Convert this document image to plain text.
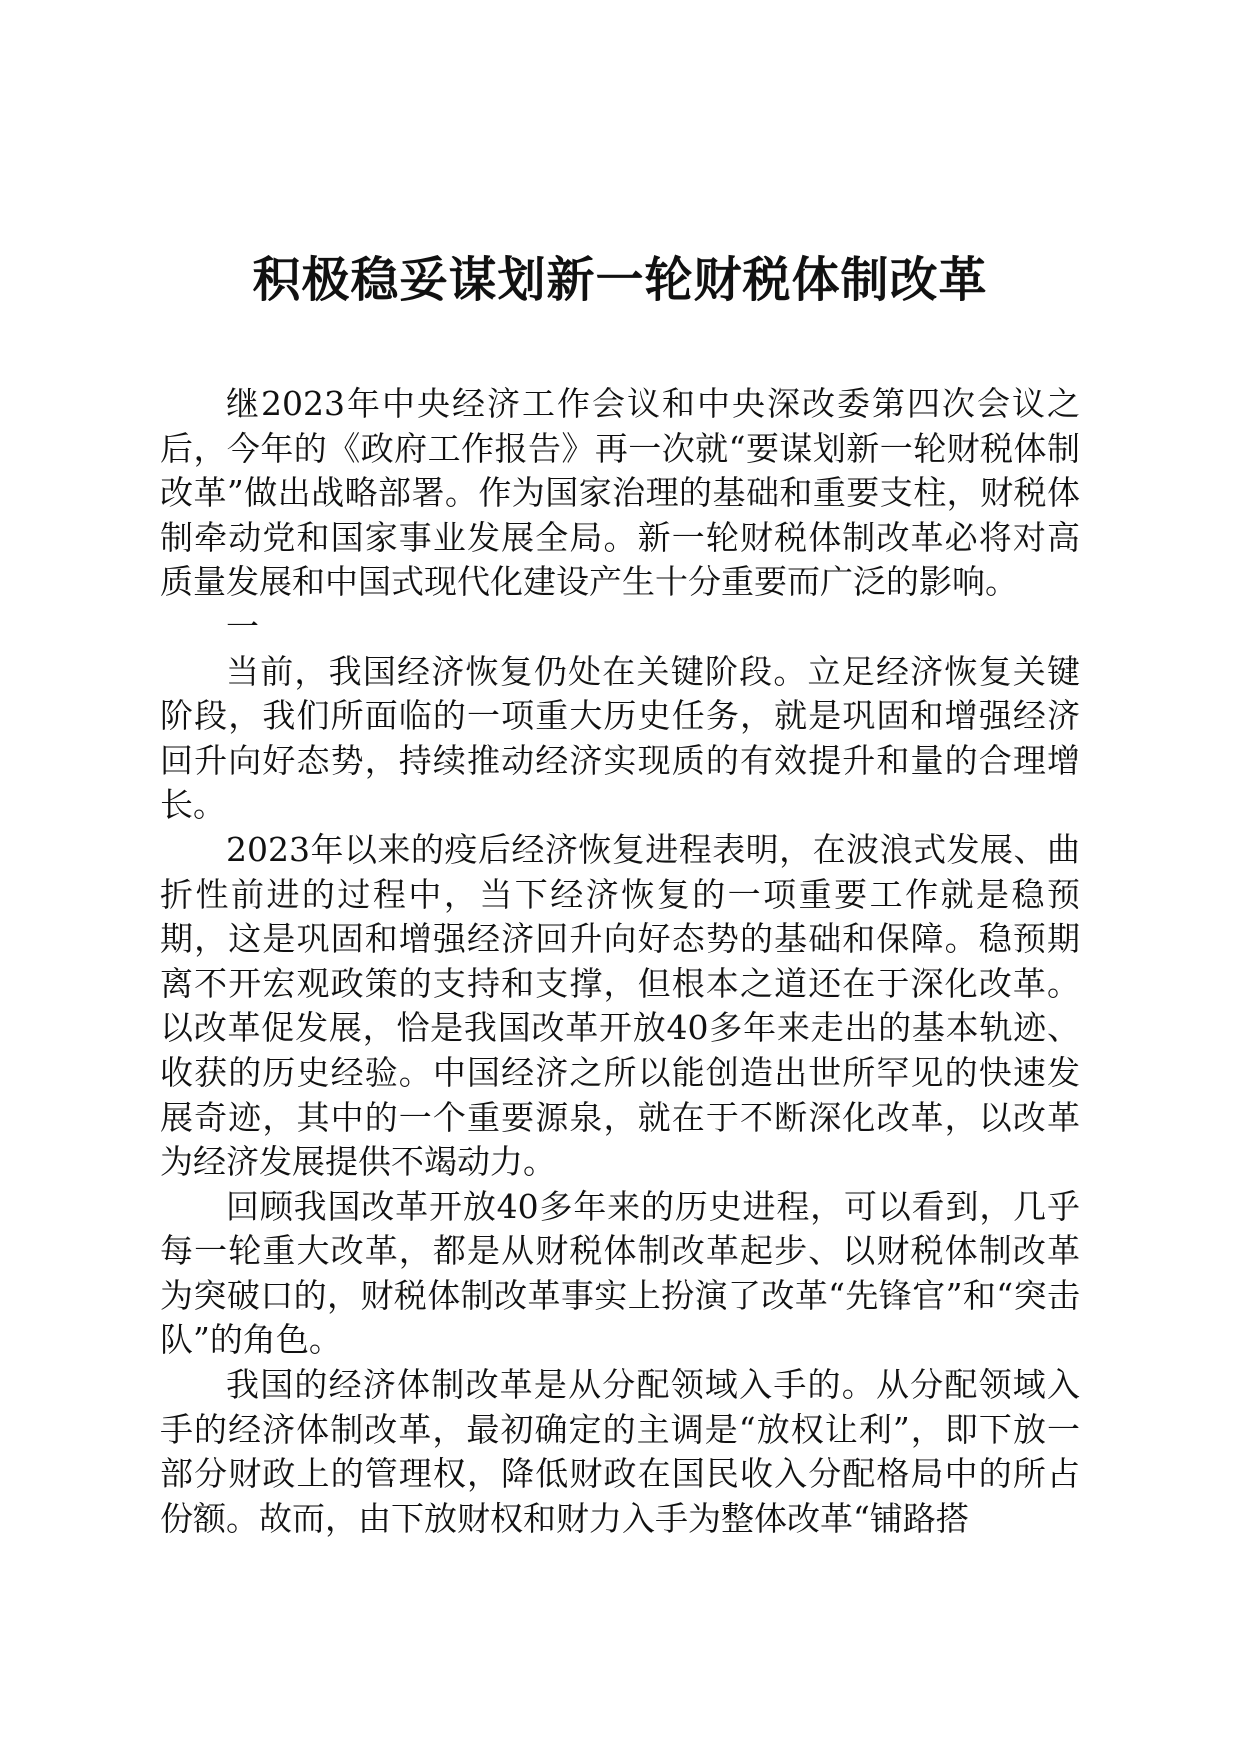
积极稳妥谋划新一轮财税体制改革

继2023年中央经济工作会议和中央深改委第四次会议之后，今年的《政府工作报告》再一次就“要谋划新一轮财税体制改革”做出战略部署。作为国家治理的基础和重要支柱，财税体制牵动党和国家事业发展全局。新一轮财税体制改革必将对高质量发展和中国式现代化建设产生十分重要而广泛的影响。

一

当前，我国经济恢复仍处在关键阶段。立足经济恢复关键阶段，我们所面临的一项重大历史任务，就是巩固和增强经济回升向好态势，持续推动经济实现质的有效提升和量的合理增长。

2023年以来的疫后经济恢复进程表明，在波浪式发展、曲折性前进的过程中，当下经济恢复的一项重要工作就是稳预期，这是巩固和增强经济回升向好态势的基础和保障。稳预期离不开宏观政策的支持和支撑，但根本之道还在于深化改革。以改革促发展，恰是我国改革开放40多年来走出的基本轨迹、收获的历史经验。中国经济之所以能创造出世所罕见的快速发展奇迹，其中的一个重要源泉，就在于不断深化改革，以改革为经济发展提供不竭动力。

回顾我国改革开放40多年来的历史进程，可以看到，几乎每一轮重大改革，都是从财税体制改革起步、以财税体制改革为突破口的，财税体制改革事实上扮演了改革“先锋官”和“突击队”的角色。

我国的经济体制改革是从分配领域入手的。从分配领域入手的经济体制改革，最初确定的主调是“放权让利”，即下放一部分财政上的管理权，降低财政在国民收入分配格局中的所占份额。故而，由下放财权和财力入手为整体改革“铺路搭
